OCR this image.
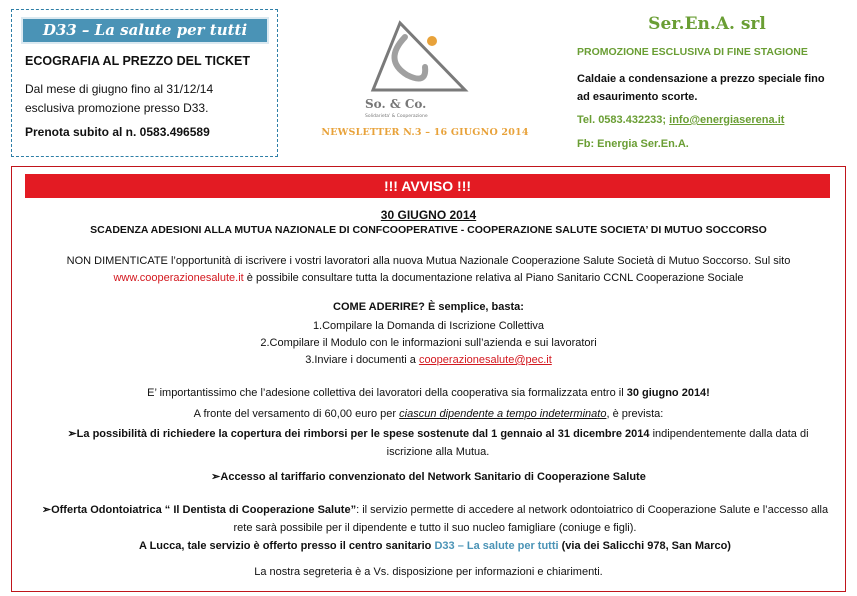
D33 – La salute per tutti
ECOGRAFIA AL PREZZO DEL TICKET
Dal mese di giugno fino al 31/12/14
esclusiva promozione presso D33.
Prenota subito al n. 0583.496589
So. & Co.
Solidarieta' & Cooperazione
NEWSLETTER N.3 – 16 GIUGNO 2014
Ser.En.A. srl
PROMOZIONE ESCLUSIVA DI FINE STAGIONE
Caldaie a condensazione a prezzo speciale fino ad esaurimento scorte.
Tel. 0583.432233; info@energiaserena.it
Fb: Energia Ser.En.A.
!!! AVVISO !!!
30 GIUGNO 2014
SCADENZA ADESIONI ALLA MUTUA NAZIONALE DI CONFCOOPERATIVE - COOPERAZIONE SALUTE SOCIETA’ DI MUTUO SOCCORSO
NON DIMENTICATE l’opportunità di iscrivere i vostri lavoratori alla nuova Mutua Nazionale Cooperazione Salute Società di Mutuo Soccorso. Sul sito
www.cooperazionesalute.it è possibile consultare tutta la documentazione relativa al Piano Sanitario CCNL Cooperazione Sociale
COME ADERIRE? È semplice, basta:
1.Compilare la Domanda di Iscrizione Collettiva
2.Compilare il Modulo con le informazioni sull’azienda e sui lavoratori
3.Inviare i documenti a cooperazionesalute@pec.it
E’ importantissimo che l’adesione collettiva dei lavoratori della cooperativa sia formalizzata entro il 30 giugno 2014!
A fronte del versamento di 60,00 euro per ciascun dipendente a tempo indeterminato, è prevista:
➢La possibilità di richiedere la copertura dei rimborsi per le spese sostenute dal 1 gennaio al 31 dicembre 2014 indipendentemente dalla data di iscrizione alla Mutua.
➢Accesso al tariffario convenzionato del Network Sanitario di Cooperazione Salute
➢Offerta Odontoiatrica “ Il Dentista di Cooperazione Salute”: il servizio permette di accedere al network odontoiatrico di Cooperazione Salute e l’accesso alla rete sarà possibile per il dipendente e tutto il suo nucleo famigliare (coniuge e figli).
A Lucca, tale servizio è offerto presso il centro sanitario D33 – La salute per tutti (via dei Salicchi 978, San Marco)
La nostra segreteria è a Vs. disposizione per informazioni e chiarimenti.
